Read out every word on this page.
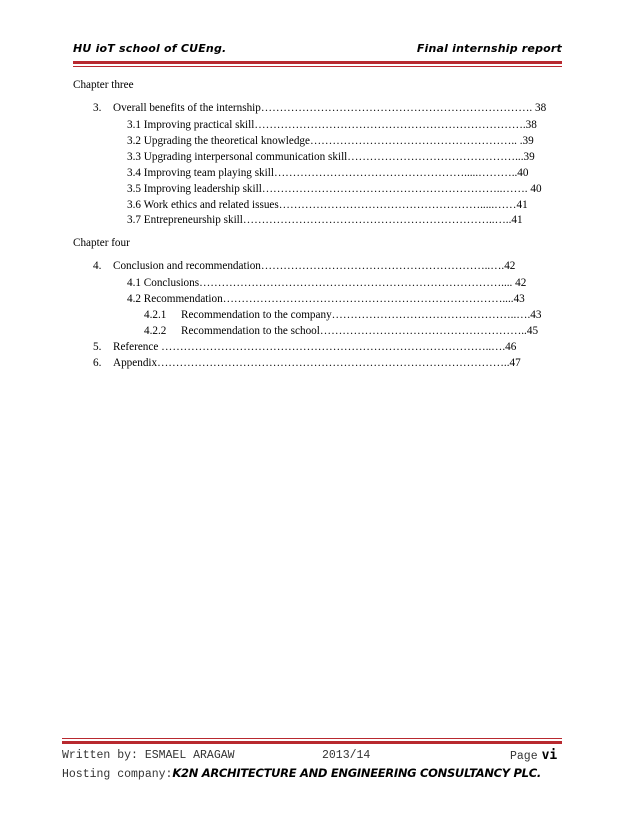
HU ioT school of CUEng.	Final internship report
Chapter three
3. Overall benefits of the internship………………………………………………………………. 38
3.1 Improving practical skill……………………………………………………………….38
3.2 Upgrading the theoretical knowledge……………………………………………….. .39
3.3 Upgrading interpersonal communication skill………………………………………...39
3.4 Improving team playing skill…………………………………………….....………..40
3.5 Improving leadership skill………………………………………………………..……. 40
3.6 Work ethics and related issues……………………………………………….....……41
3.7 Entrepreneurship skill…………………………………………………………..…..41
Chapter four
4. Conclusion and recommendation……………………………………………………..….42
4.1 Conclusions……………………………………………………………………….... 42
4.2 Recommendation…………………………………………………………………....43
4.2.1 Recommendation to the company…………………………………………..….43
4.2.2 Recommendation to the school………………………………………………..45
5. Reference ……………………………………………………………………………..….46
6. Appendix…………………………………………………………………………………..47
Written by: ESMAEL ARAGAW	2013/14	Page vi
Hosting company:K2N ARCHITECTURE AND ENGINEERING CONSULTANCY PLC.
